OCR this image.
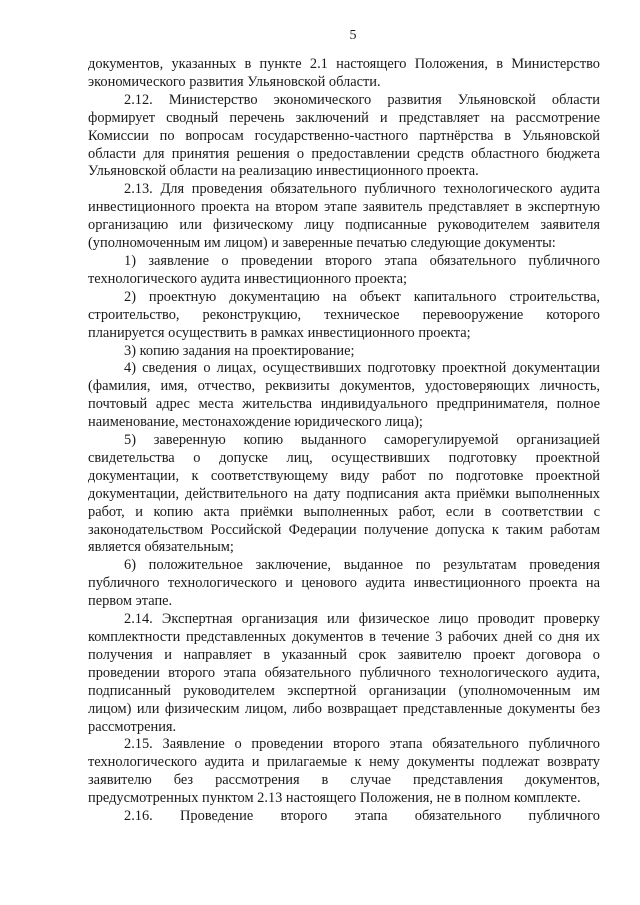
5

документов, указанных в пункте 2.1 настоящего Положения, в Министерство экономического развития Ульяновской области.

2.12. Министерство экономического развития Ульяновской области формирует сводный перечень заключений и представляет на рассмотрение Комиссии по вопросам государственно-частного партнёрства в Ульяновской области для принятия решения о предоставлении средств областного бюджета Ульяновской области на реализацию инвестиционного проекта.

2.13. Для проведения обязательного публичного технологического аудита инвестиционного проекта на втором этапе заявитель представляет в экспертную организацию или физическому лицу подписанные руководителем заявителя (уполномоченным им лицом) и заверенные печатью следующие документы:

1) заявление о проведении второго этапа обязательного публичного технологического аудита инвестиционного проекта;

2) проектную документацию на объект капитального строительства, строительство, реконструкцию, техническое перевооружение которого планируется осуществить в рамках инвестиционного проекта;

3) копию задания на проектирование;

4) сведения о лицах, осуществивших подготовку проектной документации (фамилия, имя, отчество, реквизиты документов, удостоверяющих личность, почтовый адрес места жительства индивидуального предпринимателя, полное наименование, местонахождение юридического лица);

5) заверенную копию выданного саморегулируемой организацией свидетельства о допуске лиц, осуществивших подготовку проектной документации, к соответствующему виду работ по подготовке проектной документации, действительного на дату подписания акта приёмки выполненных работ, и копию акта приёмки выполненных работ, если в соответствии с законодательством Российской Федерации получение допуска к таким работам является обязательным;

6) положительное заключение, выданное по результатам проведения публичного технологического и ценового аудита инвестиционного проекта на первом этапе.

2.14. Экспертная организация или физическое лицо проводит проверку комплектности представленных документов в течение 3 рабочих дней со дня их получения и направляет в указанный срок заявителю проект договора о проведении второго этапа обязательного публичного технологического аудита, подписанный руководителем экспертной организации (уполномоченным им лицом) или физическим лицом, либо возвращает представленные документы без рассмотрения.

2.15. Заявление о проведении второго этапа обязательного публичного технологического аудита и прилагаемые к нему документы подлежат возврату заявителю без рассмотрения в случае представления документов, предусмотренных пунктом 2.13 настоящего Положения, не в полном комплекте.

2.16. Проведение второго этапа обязательного публичного
